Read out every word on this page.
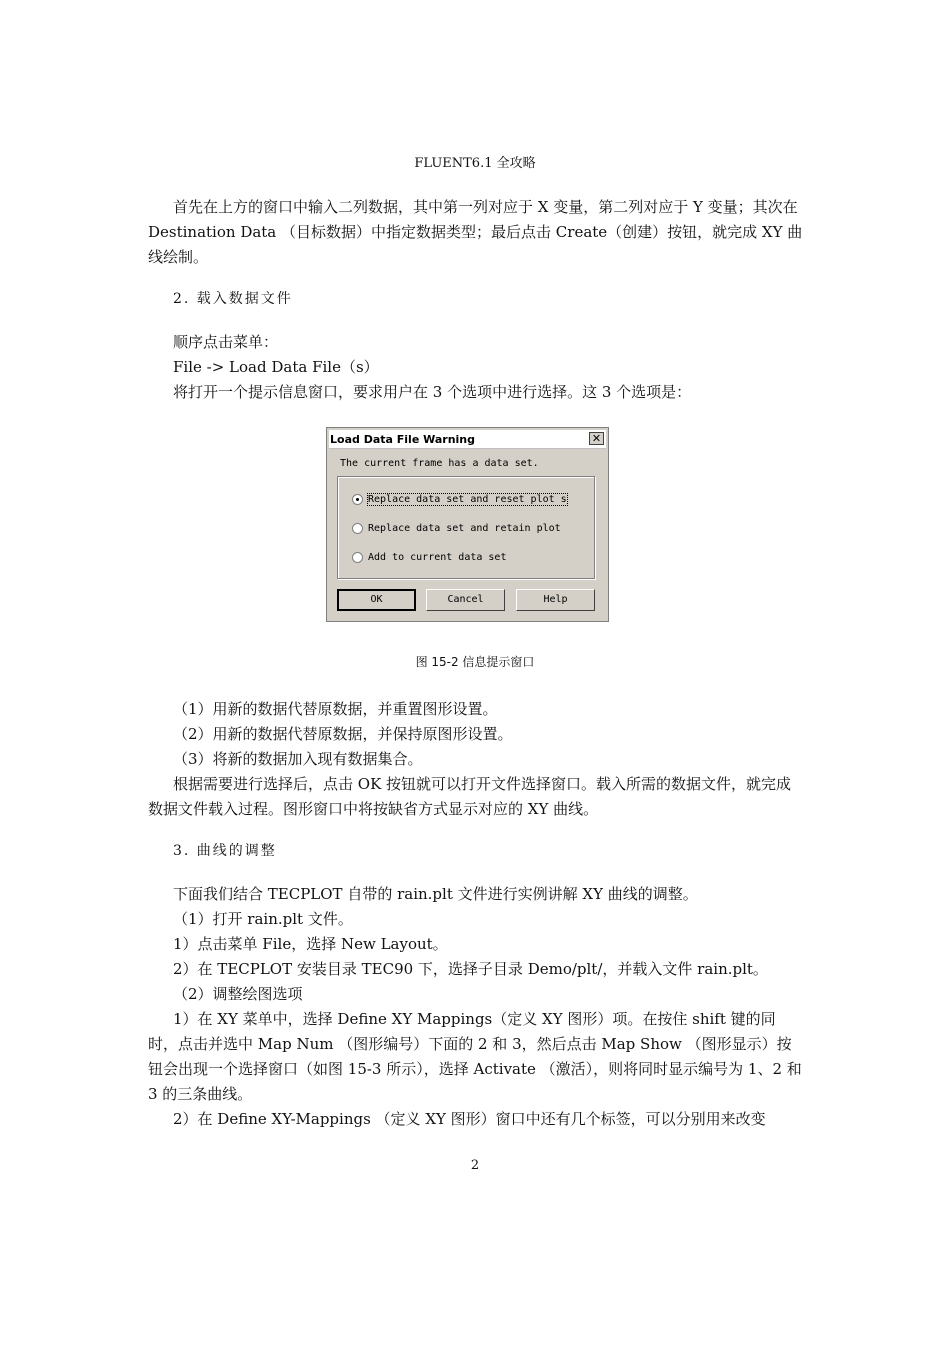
FLUENT6.1 全攻略

首先在上方的窗口中输入二列数据，其中第一列对应于 X 变量，第二列对应于 Y 变量；其次在 Destination Data （目标数据）中指定数据类型；最后点击 Create（创建）按钮，就完成 XY 曲线绘制。

2. 载入数据文件
顺序点击菜单：
File -> Load Data File（s）
将打开一个提示信息窗口，要求用户在 3 个选项中进行选择。这 3 个选项是：
Load Data File Warning	✕
The current frame has a data set.
Replace data set and reset plot s
Replace data set and retain plot
Add to current data set
OK	Cancel	Help
图 15-2 信息提示窗口
（1）用新的数据代替原数据，并重置图形设置。
（2）用新的数据代替原数据，并保持原图形设置。
（3）将新的数据加入现有数据集合。

根据需要进行选择后，点击 OK 按钮就可以打开文件选择窗口。载入所需的数据文件，就完成数据文件载入过程。图形窗口中将按缺省方式显示对应的 XY 曲线。

3. 曲线的调整
下面我们结合 TECPLOT 自带的 rain.plt 文件进行实例讲解 XY 曲线的调整。
（1）打开 rain.plt 文件。
1）点击菜单 File，选择 New Layout。
2）在 TECPLOT 安装目录 TEC90 下，选择子目录 Demo/plt/，并载入文件 rain.plt。
（2）调整绘图选项

1）在 XY 菜单中，选择 Define XY Mappings（定义 XY 图形）项。在按住 shift 键的同时，点击并选中 Map Num （图形编号）下面的 2 和 3，然后点击 Map Show （图形显示）按钮会出现一个选择窗口（如图 15-3 所示），选择 Activate （激活），则将同时显示编号为 1、2 和 3 的三条曲线。

2）在 Define XY-Mappings （定义 XY 图形）窗口中还有几个标签，可以分别用来改变
2
